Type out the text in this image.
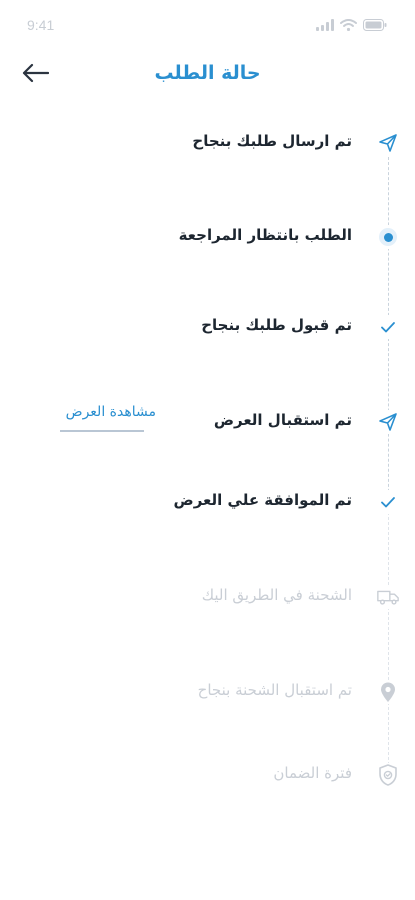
9:41
حالة الطلب
تم ارسال طلبك بنجاح
الطلب بانتظار المراجعة
تم قبول طلبك بنجاح
تم استقبال العرض
مشاهدة العرض
تم الموافقة علي العرض
الشحنة في الطريق اليك
تم استقبال الشحنة بنجاح
فترة الضمان
